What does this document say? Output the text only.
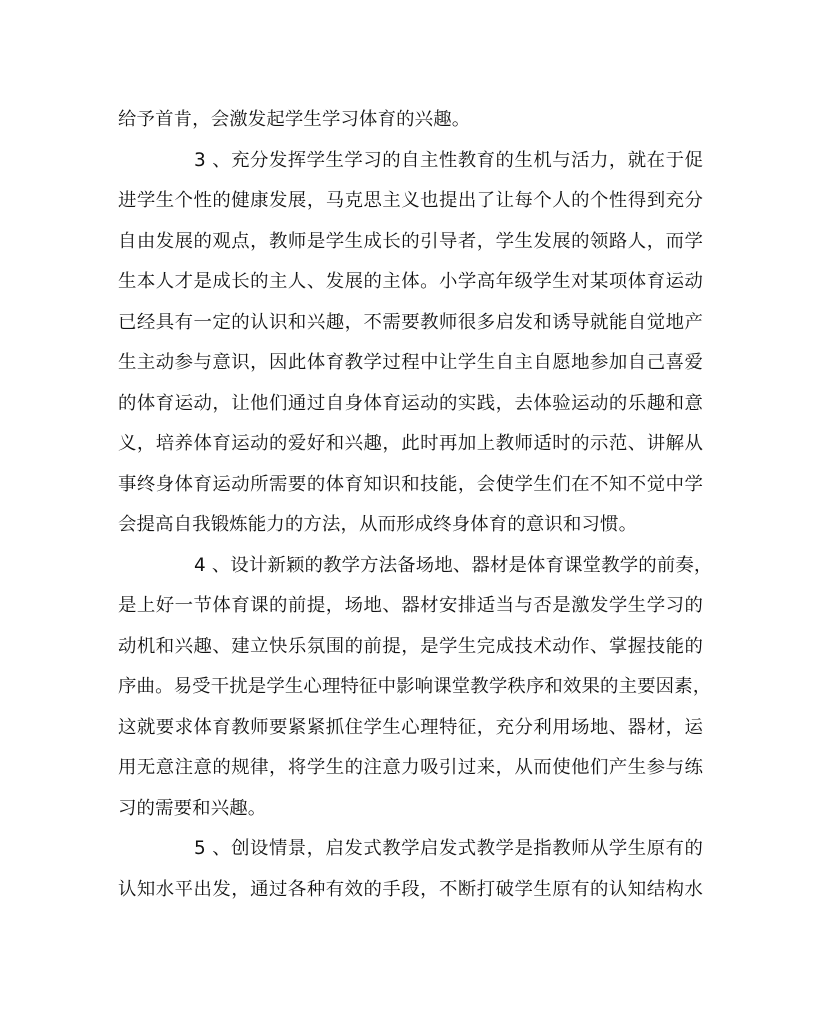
给予首肯，会激发起学生学习体育的兴趣。
3 、充分发挥学生学习的自主性教育的生机与活力，就在于促
进学生个性的健康发展，马克思主义也提出了让每个人的个性得到充分
自由发展的观点，教师是学生成长的引导者，学生发展的领路人，而学
生本人才是成长的主人、发展的主体。小学高年级学生对某项体育运动
已经具有一定的认识和兴趣，不需要教师很多启发和诱导就能自觉地产
生主动参与意识，因此体育教学过程中让学生自主自愿地参加自己喜爱
的体育运动，让他们通过自身体育运动的实践，去体验运动的乐趣和意
义，培养体育运动的爱好和兴趣，此时再加上教师适时的示范、讲解从
事终身体育运动所需要的体育知识和技能，会使学生们在不知不觉中学
会提高自我锻炼能力的方法，从而形成终身体育的意识和习惯。
4 、设计新颖的教学方法备场地、器材是体育课堂教学的前奏，
是上好一节体育课的前提，场地、器材安排适当与否是激发学生学习的
动机和兴趣、建立快乐氛围的前提，是学生完成技术动作、掌握技能的
序曲。易受干扰是学生心理特征中影响课堂教学秩序和效果的主要因素，
这就要求体育教师要紧紧抓住学生心理特征，充分利用场地、器材，运
用无意注意的规律，将学生的注意力吸引过来，从而使他们产生参与练
习的需要和兴趣。
5 、创设情景，启发式教学启发式教学是指教师从学生原有的
认知水平出发，通过各种有效的手段，不断打破学生原有的认知结构水
